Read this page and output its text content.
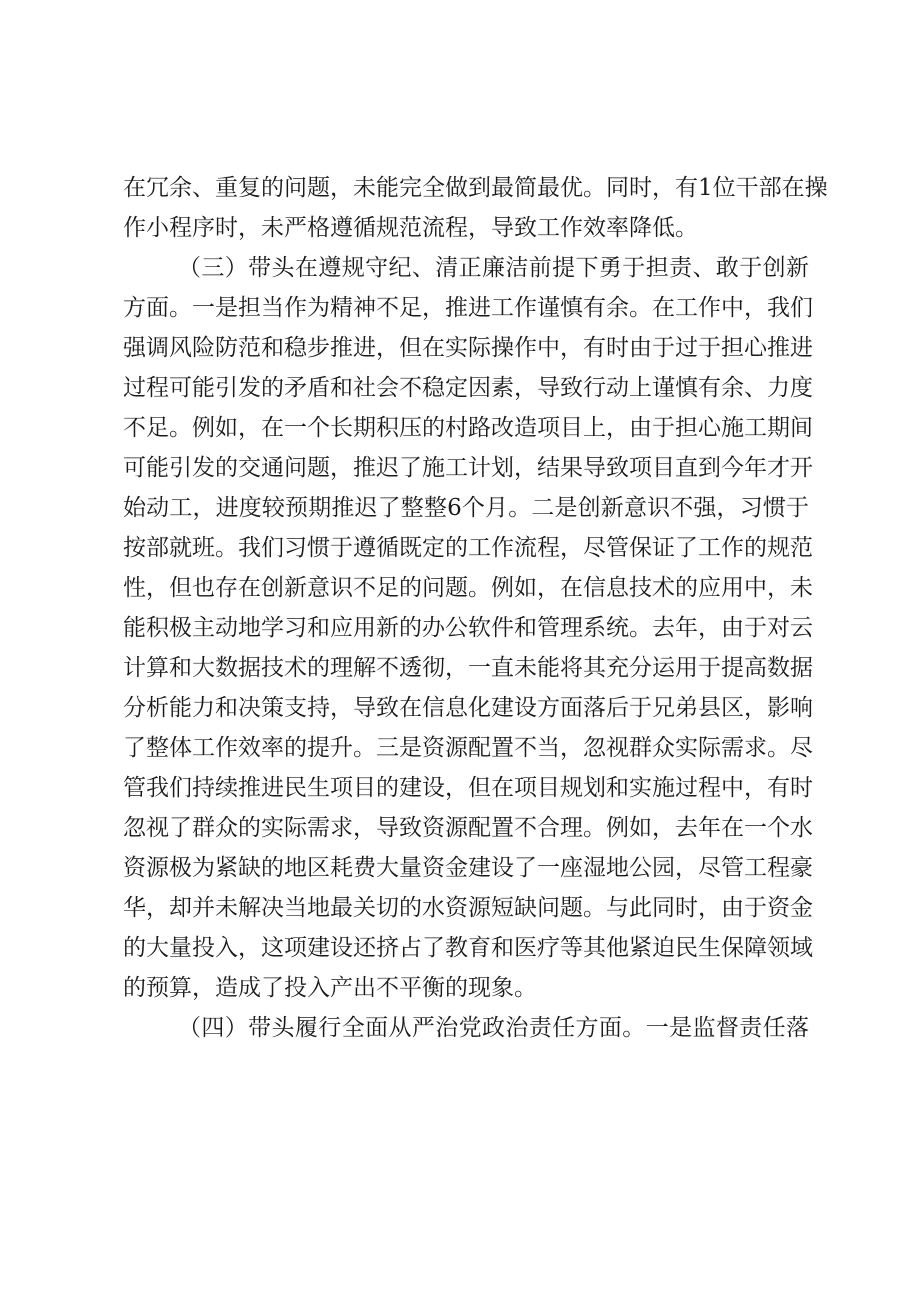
在冗余、重复的问题，未能完全做到最简最优。同时，有1位干部在操
作小程序时，未严格遵循规范流程，导致工作效率降低。
（三）带头在遵规守纪、清正廉洁前提下勇于担责、敢于创新
方面。一是担当作为精神不足，推进工作谨慎有余。在工作中，我们
强调风险防范和稳步推进，但在实际操作中，有时由于过于担心推进
过程可能引发的矛盾和社会不稳定因素，导致行动上谨慎有余、力度
不足。例如，在一个长期积压的村路改造项目上，由于担心施工期间
可能引发的交通问题，推迟了施工计划，结果导致项目直到今年才开
始动工，进度较预期推迟了整整6个月。二是创新意识不强，习惯于
按部就班。我们习惯于遵循既定的工作流程，尽管保证了工作的规范
性，但也存在创新意识不足的问题。例如，在信息技术的应用中，未
能积极主动地学习和应用新的办公软件和管理系统。去年，由于对云
计算和大数据技术的理解不透彻，一直未能将其充分运用于提高数据
分析能力和决策支持，导致在信息化建设方面落后于兄弟县区，影响
了整体工作效率的提升。三是资源配置不当，忽视群众实际需求。尽
管我们持续推进民生项目的建设，但在项目规划和实施过程中，有时
忽视了群众的实际需求，导致资源配置不合理。例如，去年在一个水
资源极为紧缺的地区耗费大量资金建设了一座湿地公园，尽管工程豪
华，却并未解决当地最关切的水资源短缺问题。与此同时，由于资金
的大量投入，这项建设还挤占了教育和医疗等其他紧迫民生保障领域
的预算，造成了投入产出不平衡的现象。
（四）带头履行全面从严治党政治责任方面。一是监督责任落
